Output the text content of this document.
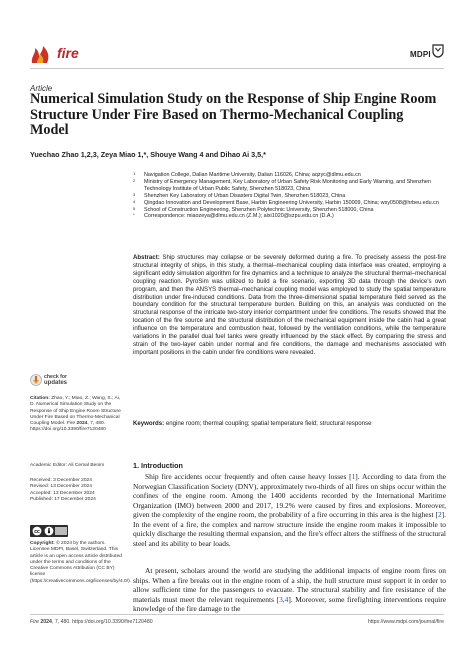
fire	MDPI
Article
Numerical Simulation Study on the Response of Ship Engine Room Structure Under Fire Based on Thermo-Mechanical Coupling Model
Yuechao Zhao 1,2,3, Zeya Miao 1,*, Shouye Wang 4 and Dihao Ai 3,5,*
1 Navigation College, Dalian Maritime University, Dalian 116026, China; aqzyc@dlmu.edu.cn
2 Ministry of Emergency Management, Key Laboratory of Urban Safety Risk Monitoring and Early Warning, and Shenzhen Technology Institute of Urban Public Safety, Shenzhen 518023, China
3 Shenzhen Key Laboratory of Urban Disasters Digital Twin, Shenzhen 518023, China
4 Qingdao Innovation and Development Base, Harbin Engineering University, Harbin 150009, China; wsy0508@hrbeu.edu.cn
5 School of Construction Engineering, Shenzhen Polytechnic University, Shenzhen 518000, China
* Correspondence: miaozeya@dlmu.edu.cn (Z.M.); aixi1020@szpu.edu.cn (D.A.)

Abstract: Ship structures may collapse or be severely deformed during a fire. To precisely assess the post-fire structural integrity of ships, in this study, a thermal–mechanical coupling data interface was created, employing a significant eddy simulation algorithm for fire dynamics and a technique to analyze the structural thermal–mechanical coupling reaction. PyroSim was utilized to build a fire scenario, exporting 3D data through the device's own program, and then the ANSYS thermal–mechanical coupling model was employed to study the spatial temperature distribution under fire-induced conditions. Data from the three-dimensional spatial temperature field served as the boundary condition for the structural temperature burden. Building on this, an analysis was conducted on the structural response of the intricate two-story interior compartment under fire conditions. The results showed that the location of the fire source and the structural distribution of the mechanical equipment inside the cabin had a great influence on the temperature and combustion heat, followed by the ventilation conditions, while the temperature variations in the parallel dual fuel tanks were greatly influenced by the stack effect. By comparing the stress and strain of the two-layer cabin under normal and fire conditions, the damage and mechanisms associated with important positions in the cabin under fire conditions were revealed.

Keywords: engine room; thermal coupling; spatial temperature field; structural response
check for
updates
Citation: Zhao, Y.; Miao, Z.; Wang, S.; Ai, D. Numerical Simulation Study on the Response of Ship Engine Room Structure Under Fire Based on Thermo-Mechanical Coupling Model. Fire 2024, 7, 480. https://doi.org/10.3390/fire7120480
Academic Editor: Ali Cemal Benim
Received: 3 December 2024
Revised: 13 December 2024
Accepted: 13 December 2024
Published: 17 December 2024
cc
Copyright: © 2024 by the authors. Licensee MDPI, Basel, Switzerland. This article is an open access article distributed under the terms and conditions of the Creative Commons Attribution (CC BY) license (https://creativecommons.org/licenses/by/4.0/).
1. Introduction

Ship fire accidents occur frequently and often cause heavy losses [1]. According to data from the Norwegian Classification Society (DNV), approximately two-thirds of all fires on ships occur within the confines of the engine room. Among the 1400 accidents recorded by the International Maritime Organization (IMO) between 2000 and 2017, 19.2% were caused by fires and explosions. Moreover, given the complexity of the engine room, the probability of a fire occurring in this area is the highest [2]. In the event of a fire, the complex and narrow structure inside the engine room makes it impossible to quickly discharge the resulting thermal expansion, and the fire's effect alters the stiffness of the structural steel and its ability to bear loads.

At present, scholars around the world are studying the additional impacts of engine room fires on ships. When a fire breaks out in the engine room of a ship, the hull structure must support it in order to allow sufficient time for the passengers to evacuate. The structural stability and fire resistance of the materials must meet the relevant requirements [3,4]. Moreover, some firefighting interventions require knowledge of the fire damage to the

Fire 2024, 7, 480. https://doi.org/10.3390/fire7120480	https://www.mdpi.com/journal/fire
